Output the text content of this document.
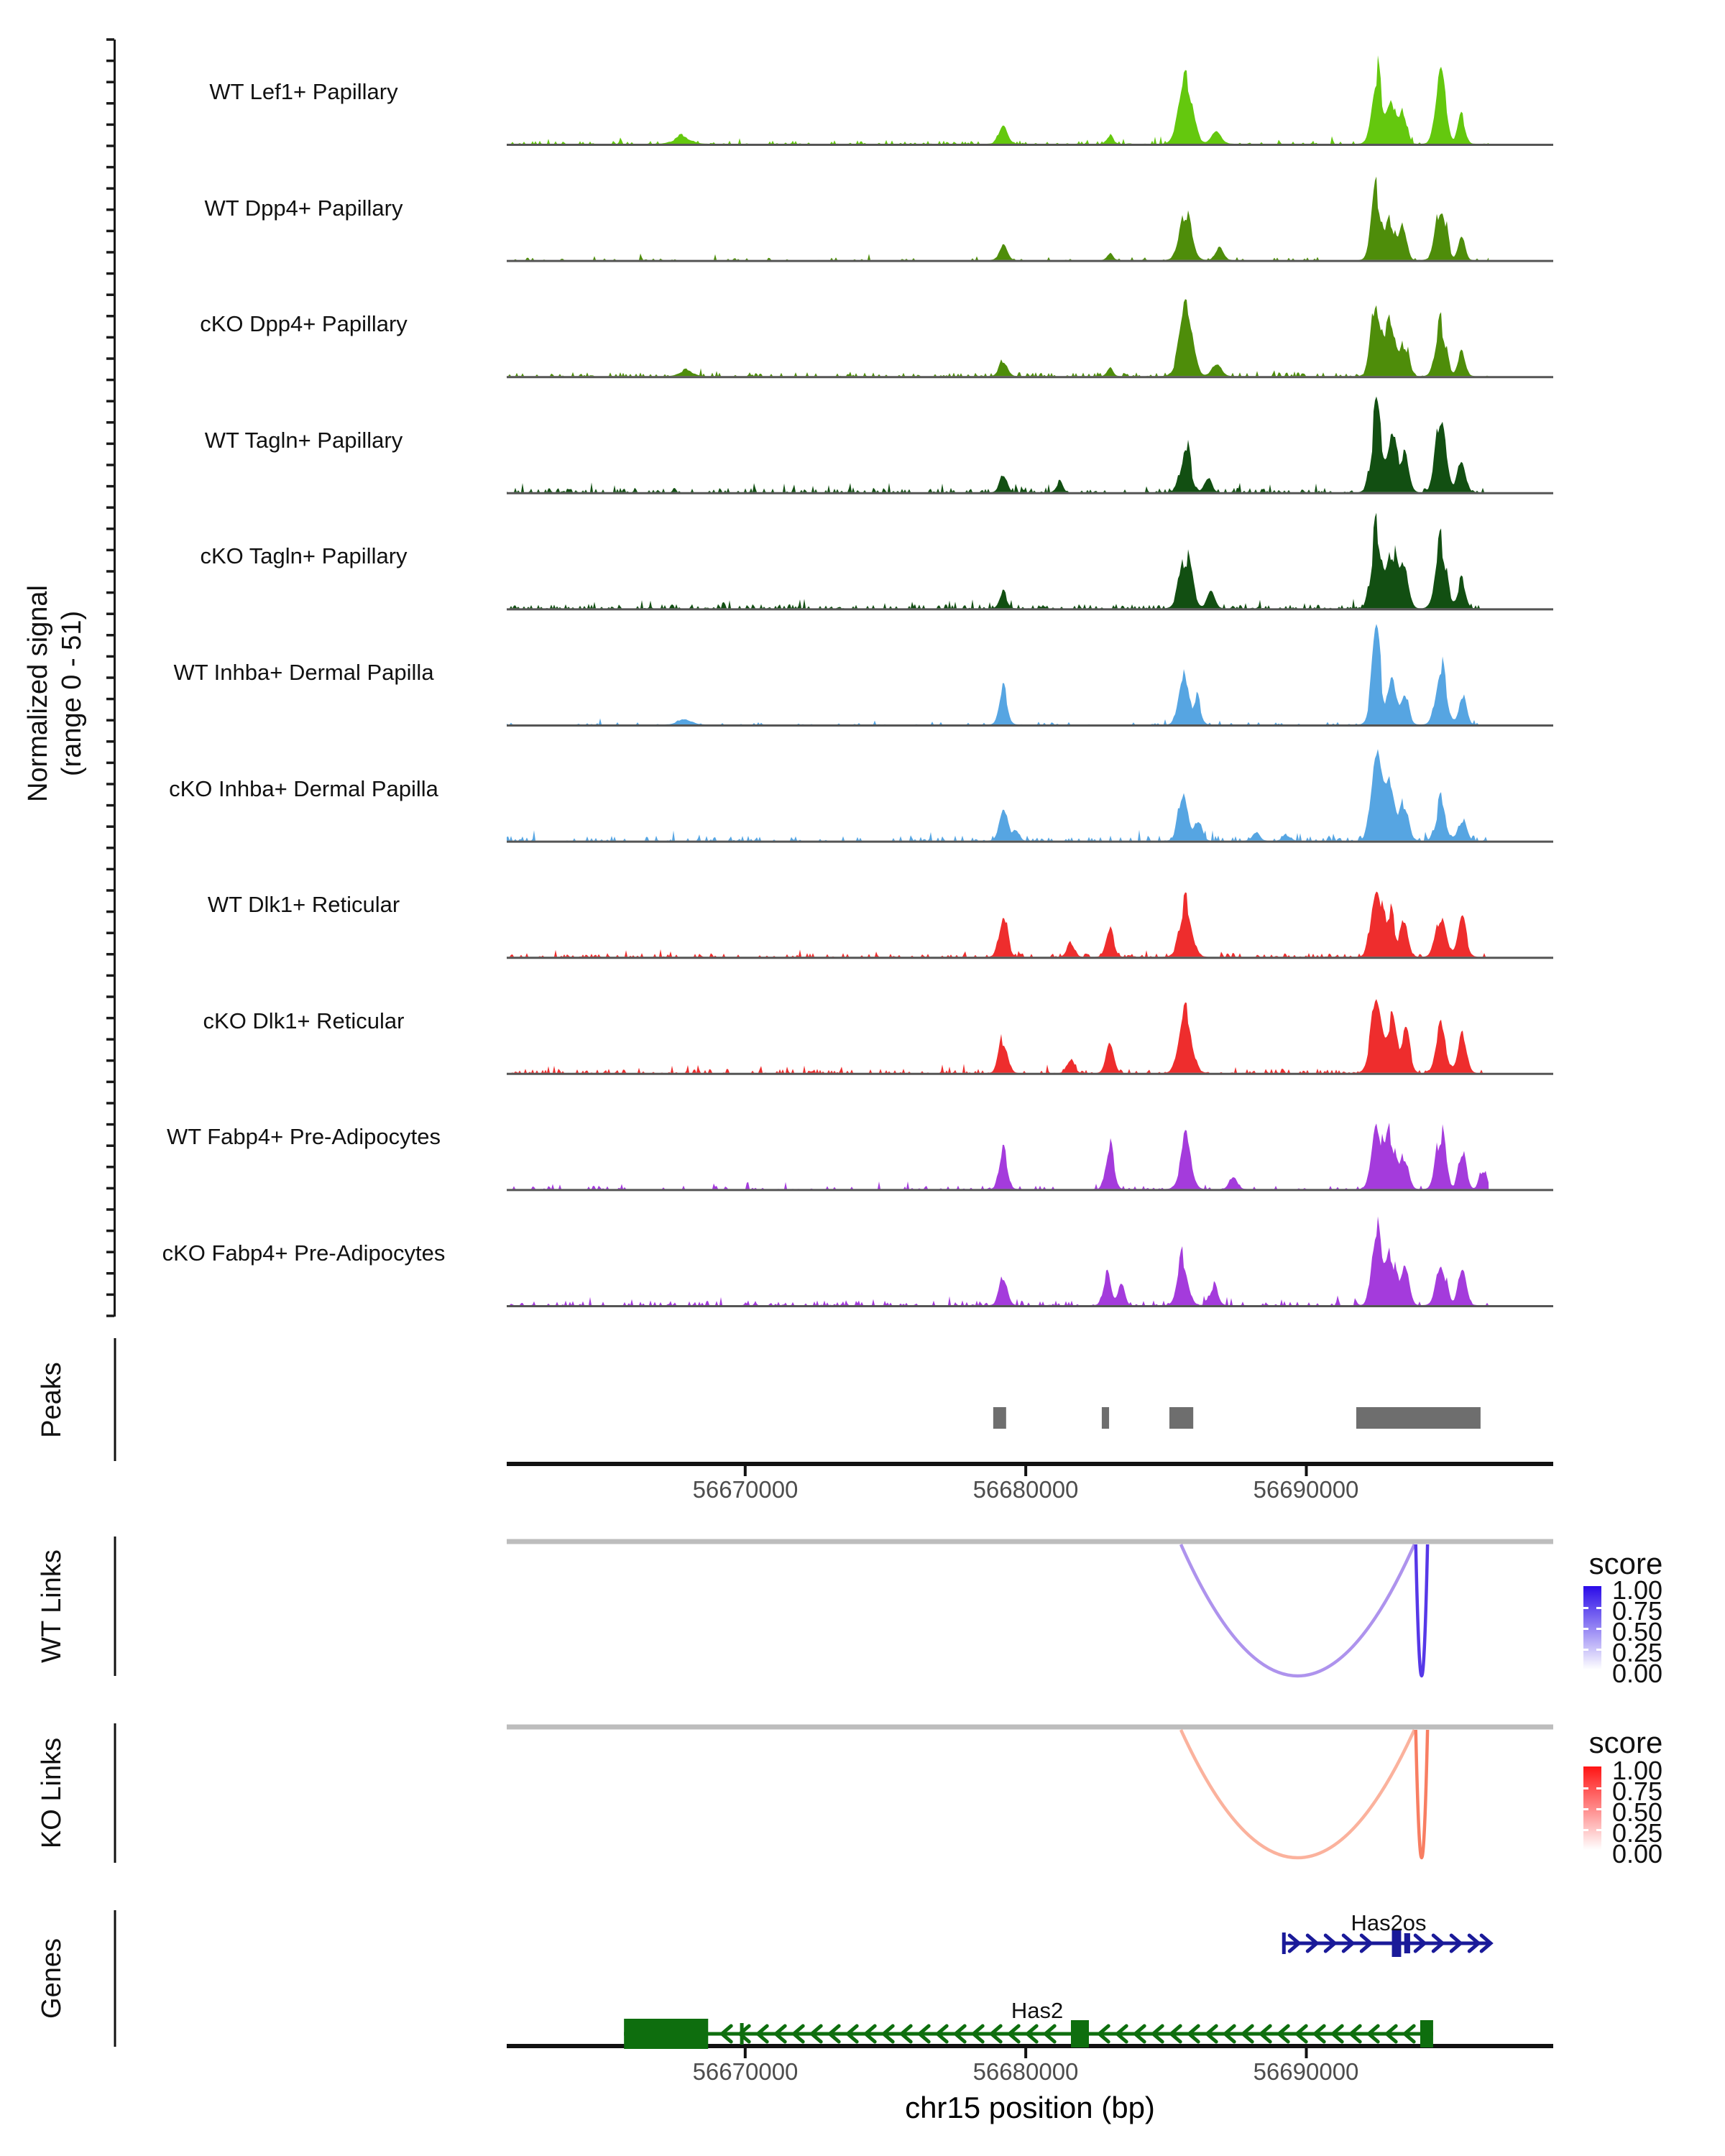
Normalized signal (range 0 - 51)
WT Lef1+ Papillary
WT Dpp4+ Papillary
cKO Dpp4+ Papillary
WT Tagln+ Papillary
cKO Tagln+ Papillary
WT Inhba+ Dermal Papilla
cKO Inhba+ Dermal Papilla
WT Dlk1+ Reticular
cKO Dlk1+ Reticular
WT Fabp4+ Pre-Adipocytes
cKO Fabp4+ Pre-Adipocytes
Peaks
WT Links
KO Links
Genes
56670000	56680000	56690000
score
1.00
0.75
0.50
0.25
0.00
score
1.00
0.75
0.50
0.25
0.00
Has2os
Has2
56670000	56680000	56690000
chr15 position (bp)
